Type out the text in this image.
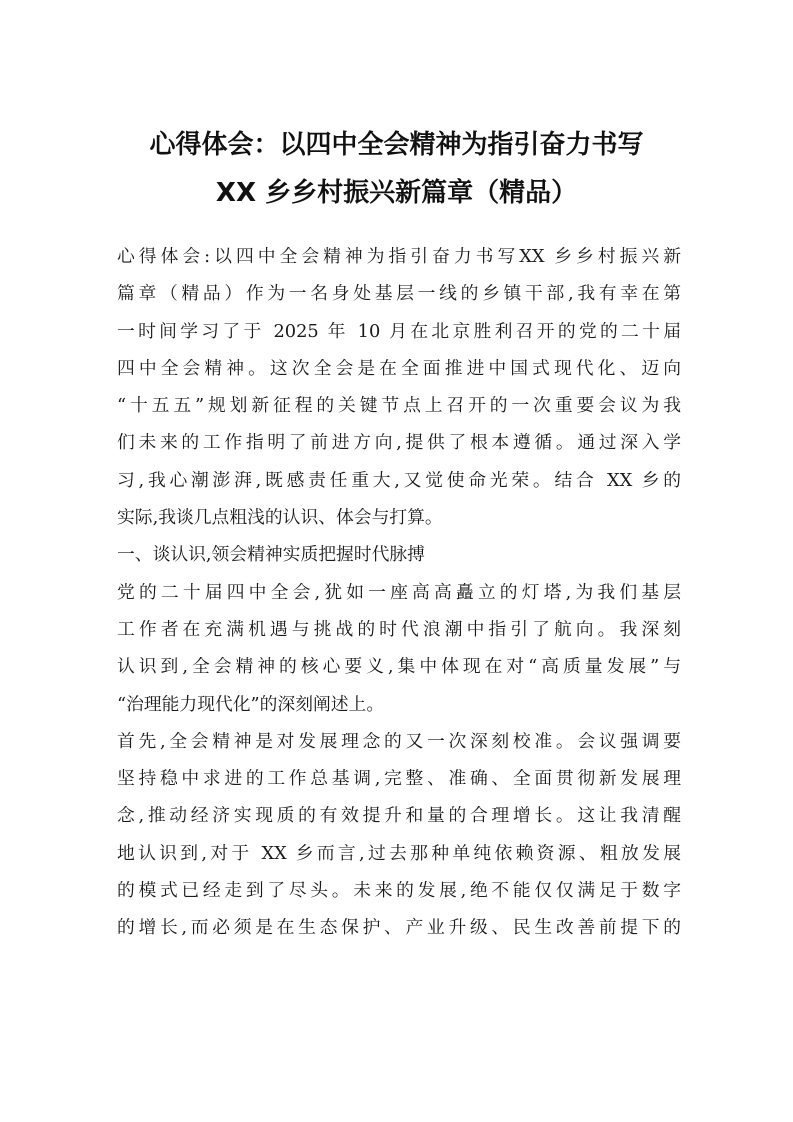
心得体会：以四中全会精神为指引奋力书写
XX 乡乡村振兴新篇章（精品）
心得体会:以四中全会精神为指引奋力书写XX 乡乡村振兴新
篇章（精品）作为一名身处基层一线的乡镇干部,我有幸在第
一时间学习了于 2025 年 10 月在北京胜利召开的党的二十届
四中全会精神。这次全会是在全面推进中国式现代化、迈向
“十五五”规划新征程的关键节点上召开的一次重要会议为我
们未来的工作指明了前进方向,提供了根本遵循。通过深入学
习,我心潮澎湃,既感责任重大,又觉使命光荣。结合 XX 乡的
实际,我谈几点粗浅的认识、体会与打算。
一、谈认识,领会精神实质把握时代脉搏
党的二十届四中全会,犹如一座高高矗立的灯塔,为我们基层
工作者在充满机遇与挑战的时代浪潮中指引了航向。我深刻
认识到,全会精神的核心要义,集中体现在对“高质量发展”与
“治理能力现代化”的深刻阐述上。
首先,全会精神是对发展理念的又一次深刻校准。会议强调要
坚持稳中求进的工作总基调,完整、准确、全面贯彻新发展理
念,推动经济实现质的有效提升和量的合理增长。这让我清醒
地认识到,对于 XX 乡而言,过去那种单纯依赖资源、粗放发展
的模式已经走到了尽头。未来的发展,绝不能仅仅满足于数字
的增长,而必须是在生态保护、产业升级、民生改善前提下的
